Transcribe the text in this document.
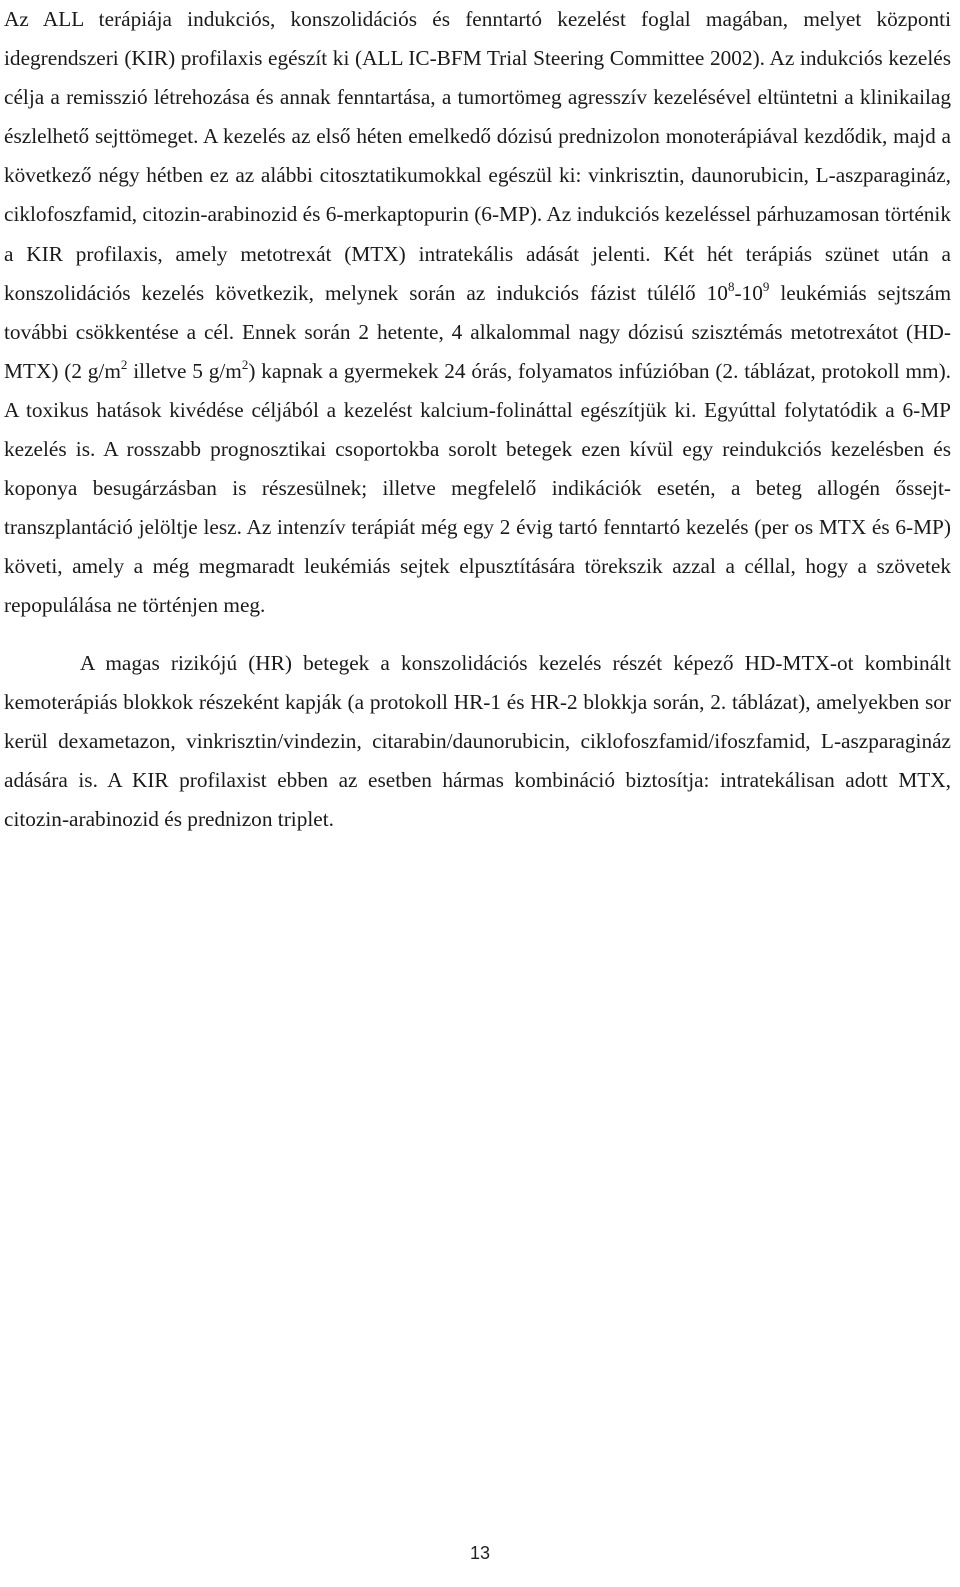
Az ALL terápiája indukciós, konszolidációs és fenntartó kezelést foglal magában, melyet központi idegrendszeri (KIR) profilaxis egészít ki (ALL IC-BFM Trial Steering Committee 2002). Az indukciós kezelés célja a remisszió létrehozása és annak fenntartása, a tumortömeg agresszív kezelésével eltüntetni a klinikailag észlelhető sejttömeget. A kezelés az első héten emelkedő dózisú prednizolon monoterápiával kezdődik, majd a következő négy hétben ez az alábbi citosztatikumokkal egészül ki: vinkrisztin, daunorubicin, L-aszparagináz, ciklofoszfamid, citozin-arabinozid és 6-merkaptopurin (6-MP). Az indukciós kezeléssel párhuzamosan történik a KIR profilaxis, amely metotrexát (MTX) intratekális adását jelenti. Két hét terápiás szünet után a konszolidációs kezelés következik, melynek során az indukciós fázist túlélő $10^8-10^9$ leukémiás sejtszám további csökkentése a cél. Ennek során 2 hetente, 4 alkalommal nagy dózisú szisztémás metotrexátot (HD-MTX) (2 $g/m^2$ illetve 5 $g/m^2$) kapnak a gyermekek 24 órás, folyamatos infúzióban (2. táblázat, protokoll mm). A toxikus hatások kivédése céljából a kezelést kalcium-folináttal egészítjük ki. Egyúttal folytatódik a 6-MP kezelés is. A rosszabb prognosztikai csoportokba sorolt betegek ezen kívül egy reindukciós kezelésben és koponya besugárzásban is részesülnek; illetve megfelelő indikációk esetén, a beteg allogén őssejt-transzplantáció jelöltje lesz. Az intenzív terápiát még egy 2 évig tartó fenntartó kezelés (per os MTX és 6-MP) követi, amely a még megmaradt leukémiás sejtek elpusztítására törekszik azzal a céllal, hogy a szövetek repopulálása ne történjen meg.

A magas rizikójú (HR) betegek a konszolidációs kezelés részét képező HD-MTX-ot kombinált kemoterápiás blokkok részeként kapják (a protokoll HR-1 és HR-2 blokkja során, 2. táblázat), amelyekben sor kerül dexametazon, vinkrisztin/vindezin, citarabin/daunorubicin, ciklofoszfamid/ifoszfamid, L-aszparagináz adására is. A KIR profilaxist ebben az esetben hármas kombináció biztosítja: intratekálisan adott MTX, citozin-arabinozid és prednizon triplet.

13
